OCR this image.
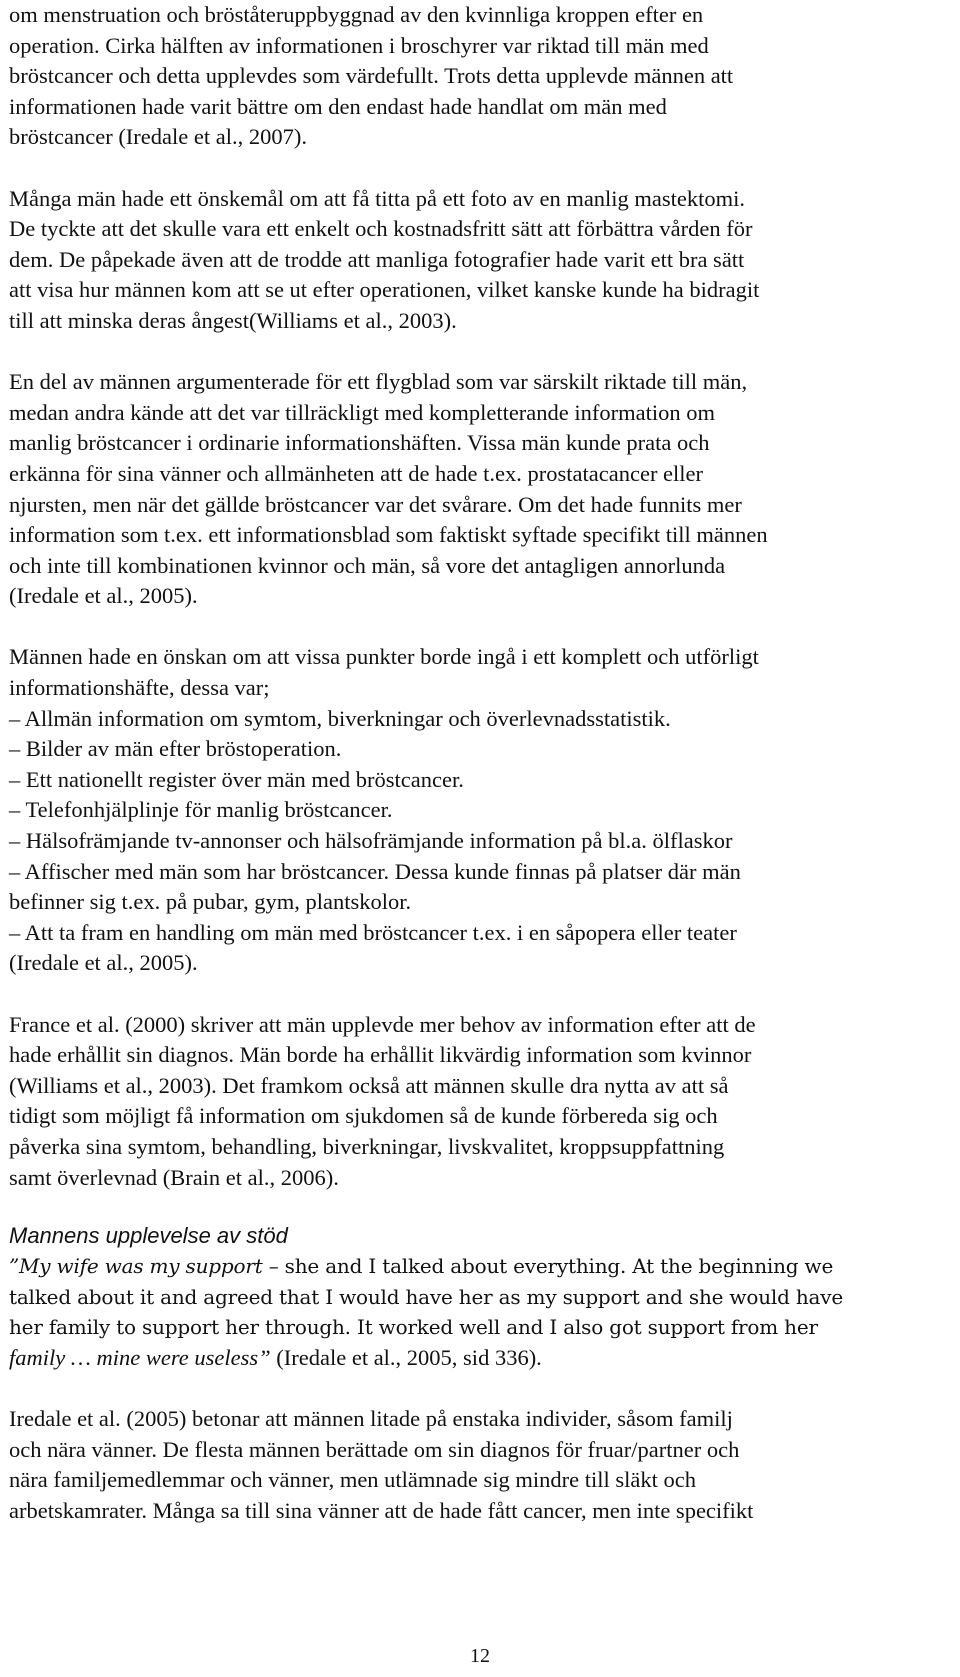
om menstruation och bröståteruppbyggnad av den kvinnliga kroppen efter en
operation. Cirka hälften av informationen i broschyrer var riktad till män med
bröstcancer och detta upplevdes som värdefullt. Trots detta upplevde männen att
informationen hade varit bättre om den endast hade handlat om män med
bröstcancer (Iredale et al., 2007).
Många män hade ett önskemål om att få titta på ett foto av en manlig mastektomi.
De tyckte att det skulle vara ett enkelt och kostnadsfritt sätt att förbättra vården för
dem. De påpekade även att de trodde att manliga fotografier hade varit ett bra sätt
att visa hur männen kom att se ut efter operationen, vilket kanske kunde ha bidragit
till att minska deras ångest(Williams et al., 2003).
En del av männen argumenterade för ett flygblad som var särskilt riktade till män,
medan andra kände att det var tillräckligt med kompletterande information om
manlig bröstcancer i ordinarie informationshäften. Vissa män kunde prata och
erkänna för sina vänner och allmänheten att de hade t.ex. prostatacancer eller
njursten, men när det gällde bröstcancer var det svårare. Om det hade funnits mer
information som t.ex. ett informationsblad som faktiskt syftade specifikt till männen
och inte till kombinationen kvinnor och män, så vore det antagligen annorlunda
(Iredale et al., 2005).
Männen hade en önskan om att vissa punkter borde ingå i ett komplett och utförligt
informationshäfte, dessa var;
– Allmän information om symtom, biverkningar och överlevnadsstatistik.
– Bilder av män efter bröstoperation.
– Ett nationellt register över män med bröstcancer.
– Telefonhjälplinje för manlig bröstcancer.
– Hälsofrämjande tv-annonser och hälsofrämjande information på bl.a. ölflaskor
– Affischer med män som har bröstcancer. Dessa kunde finnas på platser där män
befinner sig t.ex. på pubar, gym, plantskolor.
– Att ta fram en handling om män med bröstcancer t.ex. i en såpopera eller teater
(Iredale et al., 2005).
France et al. (2000) skriver att män upplevde mer behov av information efter att de
hade erhållit sin diagnos. Män borde ha erhållit likvärdig information som kvinnor
(Williams et al., 2003). Det framkom också att männen skulle dra nytta av att så
tidigt som möjligt få information om sjukdomen så de kunde förbereda sig och
påverka sina symtom, behandling, biverkningar, livskvalitet, kroppsuppfattning
samt överlevnad (Brain et al., 2006).
Mannens upplevelse av stöd
”My wife was my support – she and I talked about everything. At the beginning we
talked about it and agreed that I would have her as my support and she would have
her family to support her through. It worked well and I also got support from her
family … mine were useless” (Iredale et al., 2005, sid 336).
Iredale et al. (2005) betonar att männen litade på enstaka individer, såsom familj
och nära vänner. De flesta männen berättade om sin diagnos för fruar/partner och
nära familjemedlemmar och vänner, men utlämnade sig mindre till släkt och
arbetskamrater. Många sa till sina vänner att de hade fått cancer, men inte specifikt
12
